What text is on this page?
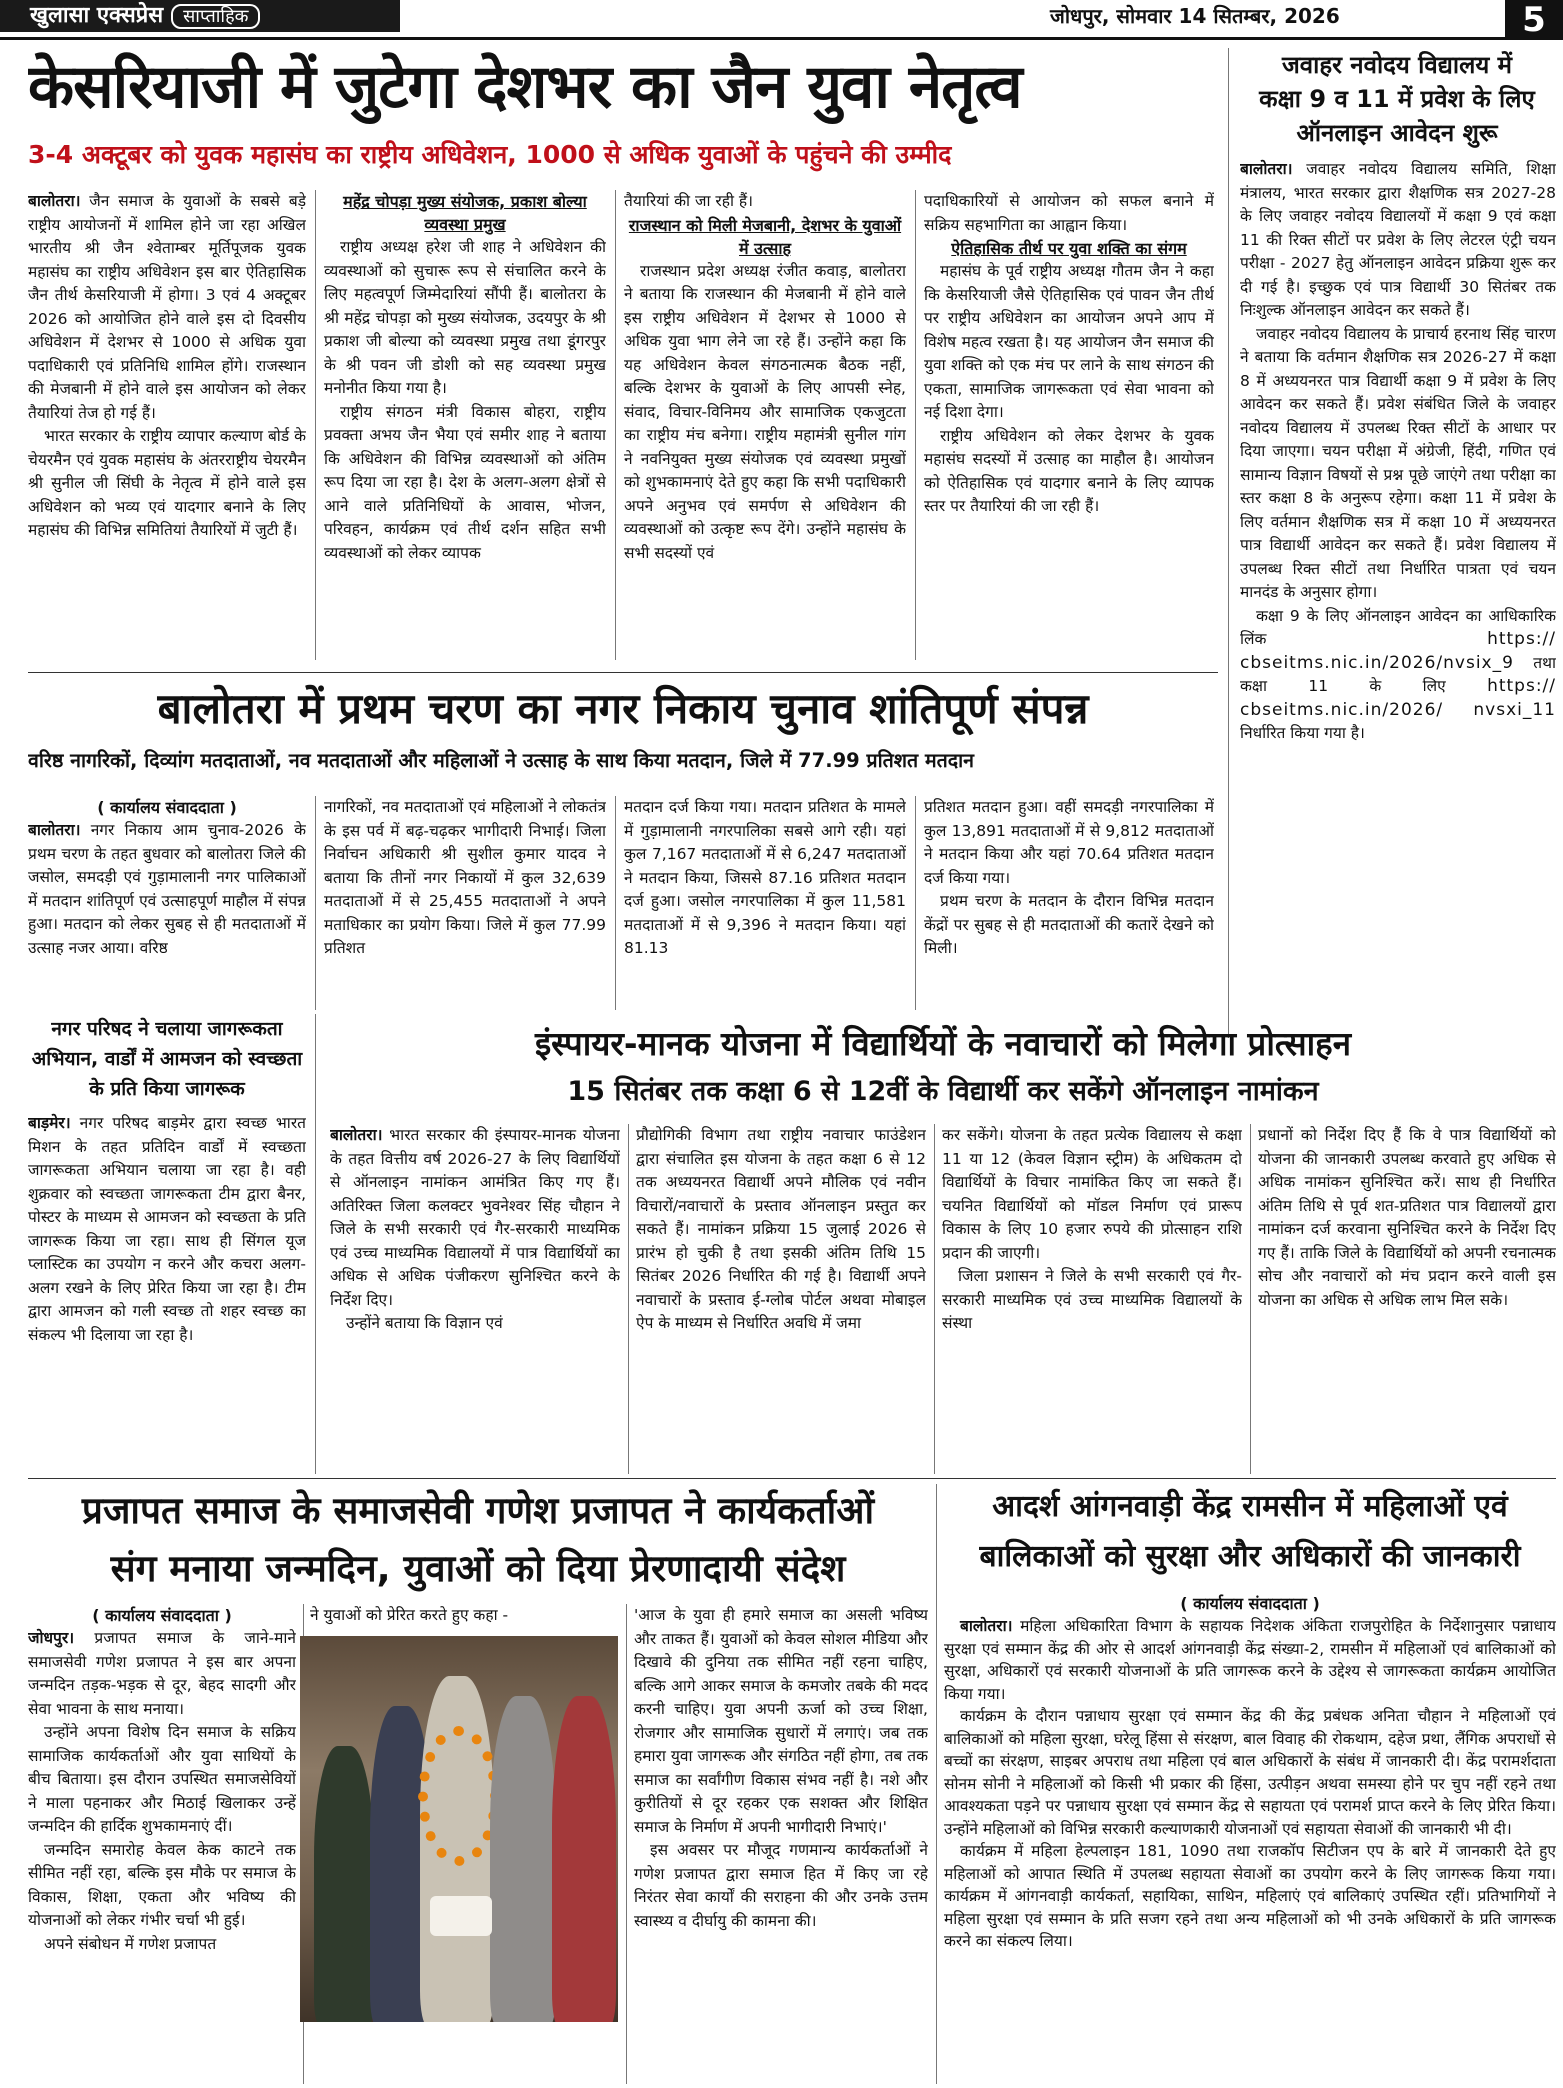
खुलासा एक्सप्रेस साप्ताहिक	जोधपुर, सोमवार 14 सितम्बर, 2026	5
केसरियाजी में जुटेगा देशभर का जैन युवा नेतृत्व
3-4 अक्टूबर को युवक महासंघ का राष्ट्रीय अधिवेशन, 1000 से अधिक युवाओं के पहुंचने की उम्मीद

बालोतरा। जैन समाज के युवाओं के सबसे बड़े राष्ट्रीय आयोजनों में शामिल होने जा रहा अखिल भारतीय श्री जैन श्वेताम्बर मूर्तिपूजक युवक महासंघ का राष्ट्रीय अधिवेशन इस बार ऐतिहासिक जैन तीर्थ केसरियाजी में होगा। 3 एवं 4 अक्टूबर 2026 को आयोजित होने वाले इस दो दिवसीय अधिवेशन में देशभर से 1000 से अधिक युवा पदाधिकारी एवं प्रतिनिधि शामिल होंगे। राजस्थान की मेजबानी में होने वाले इस आयोजन को लेकर तैयारियां तेज हो गई हैं।

भारत सरकार के राष्ट्रीय व्यापार कल्याण बोर्ड के चेयरमैन एवं युवक महासंघ के अंतरराष्ट्रीय चेयरमैन श्री सुनील जी सिंघी के नेतृत्व में होने वाले इस अधिवेशन को भव्य एवं यादगार बनाने के लिए महासंघ की विभिन्न समितियां तैयारियों में जुटी हैं।

महेंद्र चोपड़ा मुख्य संयोजक, प्रकाश बोल्या व्यवस्था प्रमुख

राष्ट्रीय अध्यक्ष हरेश जी शाह ने अधिवेशन की व्यवस्थाओं को सुचारू रूप से संचालित करने के लिए महत्वपूर्ण जिम्मेदारियां सौंपी हैं। बालोतरा के श्री महेंद्र चोपड़ा को मुख्य संयोजक, उदयपुर के श्री प्रकाश जी बोल्या को व्यवस्था प्रमुख तथा डूंगरपुर के श्री पवन जी डोशी को सह व्यवस्था प्रमुख मनोनीत किया गया है।

राष्ट्रीय संगठन मंत्री विकास बोहरा, राष्ट्रीय प्रवक्ता अभय जैन भैया एवं समीर शाह ने बताया कि अधिवेशन की विभिन्न व्यवस्थाओं को अंतिम रूप दिया जा रहा है। देश के अलग-अलग क्षेत्रों से आने वाले प्रतिनिधियों के आवास, भोजन, परिवहन, कार्यक्रम एवं तीर्थ दर्शन सहित सभी व्यवस्थाओं को लेकर व्यापक

तैयारियां की जा रही हैं।

राजस्थान को मिली मेजबानी, देशभर के युवाओं में उत्साह

राजस्थान प्रदेश अध्यक्ष रंजीत कवाड़, बालोतरा ने बताया कि राजस्थान की मेजबानी में होने वाले इस राष्ट्रीय अधिवेशन में देशभर से 1000 से अधिक युवा भाग लेने जा रहे हैं। उन्होंने कहा कि यह अधिवेशन केवल संगठनात्मक बैठक नहीं, बल्कि देशभर के युवाओं के लिए आपसी स्नेह, संवाद, विचार-विनिमय और सामाजिक एकजुटता का राष्ट्रीय मंच बनेगा। राष्ट्रीय महामंत्री सुनील गांग ने नवनियुक्त मुख्य संयोजक एवं व्यवस्था प्रमुखों को शुभकामनाएं देते हुए कहा कि सभी पदाधिकारी अपने अनुभव एवं समर्पण से अधिवेशन की व्यवस्थाओं को उत्कृष्ट रूप देंगे। उन्होंने महासंघ के सभी सदस्यों एवं

पदाधिकारियों से आयोजन को सफल बनाने में सक्रिय सहभागिता का आह्वान किया।

ऐतिहासिक तीर्थ पर युवा शक्ति का संगम

महासंघ के पूर्व राष्ट्रीय अध्यक्ष गौतम जैन ने कहा कि केसरियाजी जैसे ऐतिहासिक एवं पावन जैन तीर्थ पर राष्ट्रीय अधिवेशन का आयोजन अपने आप में विशेष महत्व रखता है। यह आयोजन जैन समाज की युवा शक्ति को एक मंच पर लाने के साथ संगठन की एकता, सामाजिक जागरूकता एवं सेवा भावना को नई दिशा देगा।

राष्ट्रीय अधिवेशन को लेकर देशभर के युवक महासंघ सदस्यों में उत्साह का माहौल है। आयोजन को ऐतिहासिक एवं यादगार बनाने के लिए व्यापक स्तर पर तैयारियां की जा रही हैं।

जवाहर नवोदय विद्यालय में
कक्षा 9 व 11 में प्रवेश के लिए
ऑनलाइन आवेदन शुरू

बालोतरा। जवाहर नवोदय विद्यालय समिति, शिक्षा मंत्रालय, भारत सरकार द्वारा शैक्षणिक सत्र 2027-28 के लिए जवाहर नवोदय विद्यालयों में कक्षा 9 एवं कक्षा 11 की रिक्त सीटों पर प्रवेश के लिए लेटरल एंट्री चयन परीक्षा - 2027 हेतु ऑनलाइन आवेदन प्रक्रिया शुरू कर दी गई है। इच्छुक एवं पात्र विद्यार्थी 30 सितंबर तक निःशुल्क ऑनलाइन आवेदन कर सकते हैं।

जवाहर नवोदय विद्यालय के प्राचार्य हरनाथ सिंह चारण ने बताया कि वर्तमान शैक्षणिक सत्र 2026-27 में कक्षा 8 में अध्ययनरत पात्र विद्यार्थी कक्षा 9 में प्रवेश के लिए आवेदन कर सकते हैं। प्रवेश संबंधित जिले के जवाहर नवोदय विद्यालय में उपलब्ध रिक्त सीटों के आधार पर दिया जाएगा। चयन परीक्षा में अंग्रेजी, हिंदी, गणित एवं सामान्य विज्ञान विषयों से प्रश्न पूछे जाएंगे तथा परीक्षा का स्तर कक्षा 8 के अनुरूप रहेगा। कक्षा 11 में प्रवेश के लिए वर्तमान शैक्षणिक सत्र में कक्षा 10 में अध्ययनरत पात्र विद्यार्थी आवेदन कर सकते हैं। प्रवेश विद्यालय में उपलब्ध रिक्त सीटों तथा निर्धारित पात्रता एवं चयन मानदंड के अनुसार होगा।

कक्षा 9 के लिए ऑनलाइन आवेदन का आधिकारिक लिंक https:// cbseitms.nic.in/2026/nvsix_9 तथा कक्षा 11 के लिए https:// cbseitms.nic.in/2026/ nvsxi_11 निर्धारित किया गया है।

बालोतरा में प्रथम चरण का नगर निकाय चुनाव शांतिपूर्ण संपन्न
वरिष्ठ नागरिकों, दिव्यांग मतदाताओं, नव मतदाताओं और महिलाओं ने उत्साह के साथ किया मतदान, जिले में 77.99 प्रतिशत मतदान
( कार्यालय संवाददाता )

बालोतरा। नगर निकाय आम चुनाव-2026 के प्रथम चरण के तहत बुधवार को बालोतरा जिले की जसोल, समदड़ी एवं गुड़ामालानी नगर पालिकाओं में मतदान शांतिपूर्ण एवं उत्साहपूर्ण माहौल में संपन्न हुआ। मतदान को लेकर सुबह से ही मतदाताओं में उत्साह नजर आया। वरिष्ठ

नागरिकों, नव मतदाताओं एवं महिलाओं ने लोकतंत्र के इस पर्व में बढ़-चढ़कर भागीदारी निभाई। जिला निर्वाचन अधिकारी श्री सुशील कुमार यादव ने बताया कि तीनों नगर निकायों में कुल 32,639 मतदाताओं में से 25,455 मतदाताओं ने अपने मताधिकार का प्रयोग किया। जिले में कुल 77.99 प्रतिशत

मतदान दर्ज किया गया। मतदान प्रतिशत के मामले में गुड़ामालानी नगरपालिका सबसे आगे रही। यहां कुल 7,167 मतदाताओं में से 6,247 मतदाताओं ने मतदान किया, जिससे 87.16 प्रतिशत मतदान दर्ज हुआ। जसोल नगरपालिका में कुल 11,581 मतदाताओं में से 9,396 ने मतदान किया। यहां 81.13

प्रतिशत मतदान हुआ। वहीं समदड़ी नगरपालिका में कुल 13,891 मतदाताओं में से 9,812 मतदाताओं ने मतदान किया और यहां 70.64 प्रतिशत मतदान दर्ज किया गया।

प्रथम चरण के मतदान के दौरान विभिन्न मतदान केंद्रों पर सुबह से ही मतदाताओं की कतारें देखने को मिली।

नगर परिषद ने चलाया जागरूकता अभियान, वार्डों में आमजन को स्वच्छता के प्रति किया जागरूक

बाड़मेर। नगर परिषद बाड़मेर द्वारा स्वच्छ भारत मिशन के तहत प्रतिदिन वार्डों में स्वच्छता जागरूकता अभियान चलाया जा रहा है। वही शुक्रवार को स्वच्छता जागरूकता टीम द्वारा बैनर, पोस्टर के माध्यम से आमजन को स्वच्छता के प्रति जागरूक किया जा रहा। साथ ही सिंगल यूज प्लास्टिक का उपयोग न करने और कचरा अलग-अलग रखने के लिए प्रेरित किया जा रहा है। टीम द्वारा आमजन को गली स्वच्छ तो शहर स्वच्छ का संकल्प भी दिलाया जा रहा है।

इंस्पायर-मानक योजना में विद्यार्थियों के नवाचारों को मिलेगा प्रोत्साहन
15 सितंबर तक कक्षा 6 से 12वीं के विद्यार्थी कर सकेंगे ऑनलाइन नामांकन

बालोतरा। भारत सरकार की इंस्पायर-मानक योजना के तहत वित्तीय वर्ष 2026-27 के लिए विद्यार्थियों से ऑनलाइन नामांकन आमंत्रित किए गए हैं। अतिरिक्त जिला कलक्टर भुवनेश्वर सिंह चौहान ने जिले के सभी सरकारी एवं गैर-सरकारी माध्यमिक एवं उच्च माध्यमिक विद्यालयों में पात्र विद्यार्थियों का अधिक से अधिक पंजीकरण सुनिश्चित करने के निर्देश दिए।

उन्होंने बताया कि विज्ञान एवं

प्रौद्योगिकी विभाग तथा राष्ट्रीय नवाचार फाउंडेशन द्वारा संचालित इस योजना के तहत कक्षा 6 से 12 तक अध्ययनरत विद्यार्थी अपने मौलिक एवं नवीन विचारों/नवाचारों के प्रस्ताव ऑनलाइन प्रस्तुत कर सकते हैं। नामांकन प्रक्रिया 15 जुलाई 2026 से प्रारंभ हो चुकी है तथा इसकी अंतिम तिथि 15 सितंबर 2026 निर्धारित की गई है। विद्यार्थी अपने नवाचारों के प्रस्ताव ई-ग्लोब पोर्टल अथवा मोबाइल ऐप के माध्यम से निर्धारित अवधि में जमा

कर सकेंगे। योजना के तहत प्रत्येक विद्यालय से कक्षा 11 या 12 (केवल विज्ञान स्ट्रीम) के अधिकतम दो विद्यार्थियों के विचार नामांकित किए जा सकते हैं। चयनित विद्यार्थियों को मॉडल निर्माण एवं प्रारूप विकास के लिए 10 हजार रुपये की प्रोत्साहन राशि प्रदान की जाएगी।

जिला प्रशासन ने जिले के सभी सरकारी एवं गैर-सरकारी माध्यमिक एवं उच्च माध्यमिक विद्यालयों के संस्था

प्रधानों को निर्देश दिए हैं कि वे पात्र विद्यार्थियों को योजना की जानकारी उपलब्ध करवाते हुए अधिक से अधिक नामांकन सुनिश्चित करें। साथ ही निर्धारित अंतिम तिथि से पूर्व शत-प्रतिशत पात्र विद्यालयों द्वारा नामांकन दर्ज करवाना सुनिश्चित करने के निर्देश दिए गए हैं। ताकि जिले के विद्यार्थियों को अपनी रचनात्मक सोच और नवाचारों को मंच प्रदान करने वाली इस योजना का अधिक से अधिक लाभ मिल सके।

प्रजापत समाज के समाजसेवी गणेश प्रजापत ने कार्यकर्ताओं
संग मनाया जन्मदिन, युवाओं को दिया प्रेरणादायी संदेश
( कार्यालय संवाददाता )

जोधपुर। प्रजापत समाज के जाने-माने समाजसेवी गणेश प्रजापत ने इस बार अपना जन्मदिन तड़क-भड़क से दूर, बेहद सादगी और सेवा भावना के साथ मनाया।

उन्होंने अपना विशेष दिन समाज के सक्रिय सामाजिक कार्यकर्ताओं और युवा साथियों के बीच बिताया। इस दौरान उपस्थित समाजसेवियों ने माला पहनाकर और मिठाई खिलाकर उन्हें जन्मदिन की हार्दिक शुभकामनाएं दीं।

जन्मदिन समारोह केवल केक काटने तक सीमित नहीं रहा, बल्कि इस मौके पर समाज के विकास, शिक्षा, एकता और भविष्य की योजनाओं को लेकर गंभीर चर्चा भी हुई।

अपने संबोधन में गणेश प्रजापत

ने युवाओं को प्रेरित करते हुए कहा -	'आज के युवा ही हमारे समाज का असली भविष्य और ताकत हैं। युवाओं को केवल सोशल मीडिया और दिखावे की दुनिया तक सीमित नहीं रहना चाहिए, बल्कि आगे आकर समाज के कमजोर तबके की मदद करनी चाहिए। युवा अपनी ऊर्जा को उच्च शिक्षा, रोजगार और सामाजिक सुधारों में लगाएं। जब तक हमारा युवा जागरूक और संगठित नहीं होगा, तब तक समाज का सर्वांगीण विकास संभव नहीं है। नशे और कुरीतियों से दूर रहकर एक सशक्त और शिक्षित समाज के निर्माण में अपनी भागीदारी निभाएं।'

इस अवसर पर मौजूद गणमान्य कार्यकर्ताओं ने गणेश प्रजापत द्वारा समाज हित में किए जा रहे निरंतर सेवा कार्यों की सराहना की और उनके उत्तम स्वास्थ्य व दीर्घायु की कामना की।

आदर्श आंगनवाड़ी केंद्र रामसीन में महिलाओं एवं
बालिकाओं को सुरक्षा और अधिकारों की जानकारी
( कार्यालय संवाददाता )

बालोतरा। महिला अधिकारिता विभाग के सहायक निदेशक अंकिता राजपुरोहित के निर्देशानुसार पन्नाधाय सुरक्षा एवं सम्मान केंद्र की ओर से आदर्श आंगनवाड़ी केंद्र संख्या-2, रामसीन में महिलाओं एवं बालिकाओं को सुरक्षा, अधिकारों एवं सरकारी योजनाओं के प्रति जागरूक करने के उद्देश्य से जागरूकता कार्यक्रम आयोजित किया गया।

कार्यक्रम के दौरान पन्नाधाय सुरक्षा एवं सम्मान केंद्र की केंद्र प्रबंधक अनिता चौहान ने महिलाओं एवं बालिकाओं को महिला सुरक्षा, घरेलू हिंसा से संरक्षण, बाल विवाह की रोकथाम, दहेज प्रथा, लैंगिक अपराधों से बच्चों का संरक्षण, साइबर अपराध तथा महिला एवं बाल अधिकारों के संबंध में जानकारी दी। केंद्र परामर्शदाता सोनम सोनी ने महिलाओं को किसी भी प्रकार की हिंसा, उत्पीड़न अथवा समस्या होने पर चुप नहीं रहने तथा आवश्यकता पड़ने पर पन्नाधाय सुरक्षा एवं सम्मान केंद्र से सहायता एवं परामर्श प्राप्त करने के लिए प्रेरित किया। उन्होंने महिलाओं को विभिन्न सरकारी कल्याणकारी योजनाओं एवं सहायता सेवाओं की जानकारी भी दी।

कार्यक्रम में महिला हेल्पलाइन 181, 1090 तथा राजकॉप सिटीजन एप के बारे में जानकारी देते हुए महिलाओं को आपात स्थिति में उपलब्ध सहायता सेवाओं का उपयोग करने के लिए जागरूक किया गया। कार्यक्रम में आंगनवाड़ी कार्यकर्ता, सहायिका, साथिन, महिलाएं एवं बालिकाएं उपस्थित रहीं। प्रतिभागियों ने महिला सुरक्षा एवं सम्मान के प्रति सजग रहने तथा अन्य महिलाओं को भी उनके अधिकारों के प्रति जागरूक करने का संकल्प लिया।
